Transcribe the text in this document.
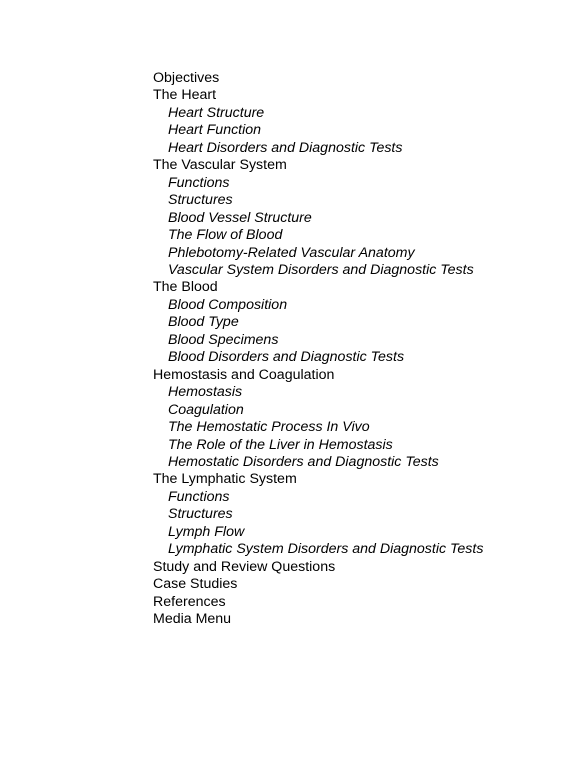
Objectives
The Heart
Heart Structure
Heart Function
Heart Disorders and Diagnostic Tests
The Vascular System
Functions
Structures
Blood Vessel Structure
The Flow of Blood
Phlebotomy-Related Vascular Anatomy
Vascular System Disorders and Diagnostic Tests
The Blood
Blood Composition
Blood Type
Blood Specimens
Blood Disorders and Diagnostic Tests
Hemostasis and Coagulation
Hemostasis
Coagulation
The Hemostatic Process In Vivo
The Role of the Liver in Hemostasis
Hemostatic Disorders and Diagnostic Tests
The Lymphatic System
Functions
Structures
Lymph Flow
Lymphatic System Disorders and Diagnostic Tests
Study and Review Questions
Case Studies
References
Media Menu
